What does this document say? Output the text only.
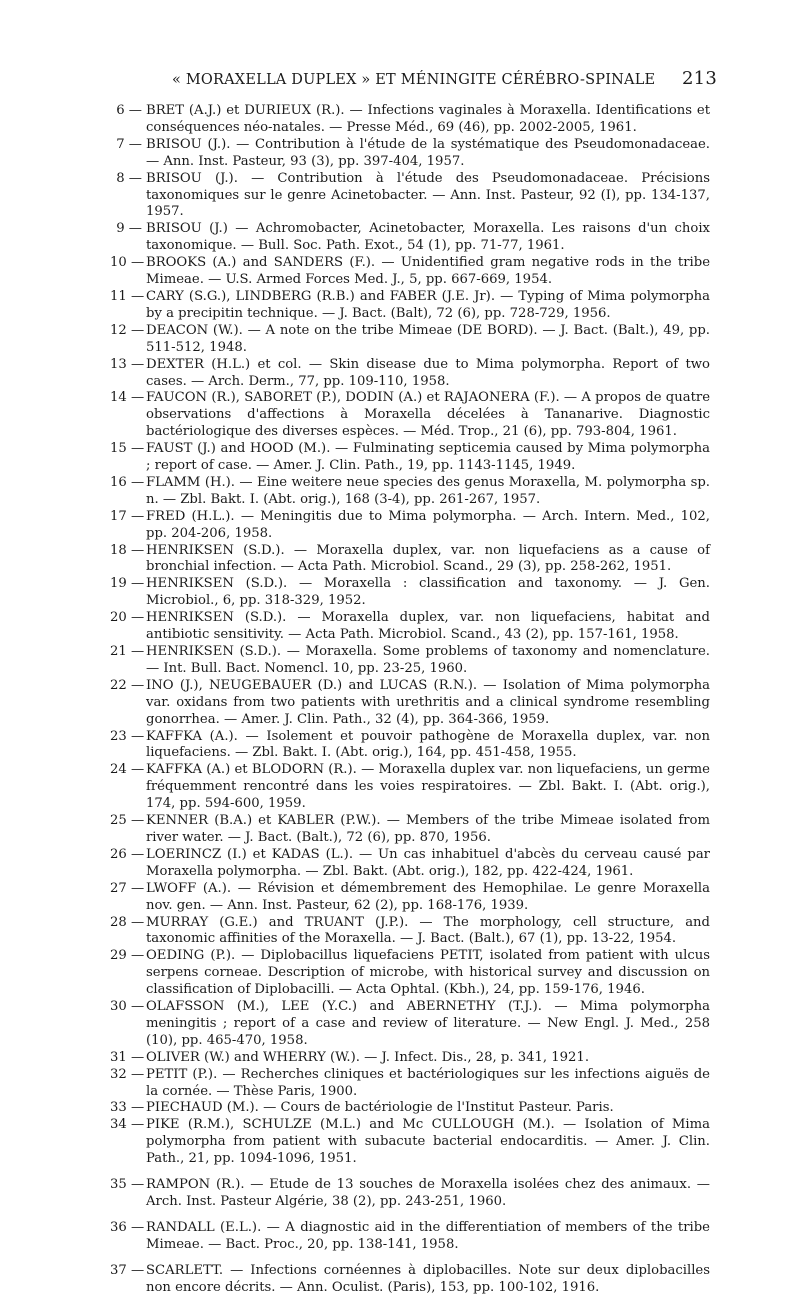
« MORAXELLA DUPLEX » ET MÉNINGITE CÉRÉBRO-SPINALE	213
6 — BRET (A.J.) et DURIEUX (R.). — Infections vaginales à Moraxella. Identifications et conséquences néo-natales. — Presse Méd., 69 (46), pp. 2002-2005, 1961.
7 — BRISOU (J.). — Contribution à l'étude de la systématique des Pseudomonadaceae. — Ann. Inst. Pasteur, 93 (3), pp. 397-404, 1957.
8 — BRISOU (J.). — Contribution à l'étude des Pseudomonadaceae. Précisions taxonomiques sur le genre Acinetobacter. — Ann. Inst. Pasteur, 92 (I), pp. 134-137, 1957.
9 — BRISOU (J.) — Achromobacter, Acinetobacter, Moraxella. Les raisons d'un choix taxonomique. — Bull. Soc. Path. Exot., 54 (1), pp. 71-77, 1961.
10 — BROOKS (A.) and SANDERS (F.). — Unidentified gram negative rods in the tribe Mimeae. — U.S. Armed Forces Med. J., 5, pp. 667-669, 1954.
11 — CARY (S.G.), LINDBERG (R.B.) and FABER (J.E. Jr). — Typing of Mima polymorpha by a precipitin technique. — J. Bact. (Balt), 72 (6), pp. 728-729, 1956.
12 — DEACON (W.). — A note on the tribe Mimeae (DE BORD). — J. Bact. (Balt.), 49, pp. 511-512, 1948.
13 — DEXTER (H.L.) et col. — Skin disease due to Mima polymorpha. Report of two cases. — Arch. Derm., 77, pp. 109-110, 1958.
14 — FAUCON (R.), SABORET (P.), DODIN (A.) et RAJAONERA (F.). — A propos de quatre observations d'affections à Moraxella décelées à Tananarive. Diagnostic bactériologique des diverses espèces. — Méd. Trop., 21 (6), pp. 793-804, 1961.
15 — FAUST (J.) and HOOD (M.). — Fulminating septicemia caused by Mima polymorpha ; report of case. — Amer. J. Clin. Path., 19, pp. 1143-1145, 1949.
16 — FLAMM (H.). — Eine weitere neue species des genus Moraxella, M. polymorpha sp. n. — Zbl. Bakt. I. (Abt. orig.), 168 (3-4), pp. 261-267, 1957.
17 — FRED (H.L.). — Meningitis due to Mima polymorpha. — Arch. Intern. Med., 102, pp. 204-206, 1958.
18 — HENRIKSEN (S.D.). — Moraxella duplex, var. non liquefaciens as a cause of bronchial infection. — Acta Path. Microbiol. Scand., 29 (3), pp. 258-262, 1951.
19 — HENRIKSEN (S.D.). — Moraxella : classification and taxonomy. — J. Gen. Microbiol., 6, pp. 318-329, 1952.
20 — HENRIKSEN (S.D.). — Moraxella duplex, var. non liquefaciens, habitat and antibiotic sensitivity. — Acta Path. Microbiol. Scand., 43 (2), pp. 157-161, 1958.
21 — HENRIKSEN (S.D.). — Moraxella. Some problems of taxonomy and nomenclature. — Int. Bull. Bact. Nomencl. 10, pp. 23-25, 1960.
22 — INO (J.), NEUGEBAUER (D.) and LUCAS (R.N.). — Isolation of Mima polymorpha var. oxidans from two patients with urethritis and a clinical syndrome resembling gonorrhea. — Amer. J. Clin. Path., 32 (4), pp. 364-366, 1959.
23 — KAFFKA (A.). — Isolement et pouvoir pathogène de Moraxella duplex, var. non liquefaciens. — Zbl. Bakt. I. (Abt. orig.), 164, pp. 451-458, 1955.
24 — KAFFKA (A.) et BLODORN (R.). — Moraxella duplex var. non liquefaciens, un germe fréquemment rencontré dans les voies respiratoires. — Zbl. Bakt. I. (Abt. orig.), 174, pp. 594-600, 1959.
25 — KENNER (B.A.) et KABLER (P.W.). — Members of the tribe Mimeae isolated from river water. — J. Bact. (Balt.), 72 (6), pp. 870, 1956.
26 — LOERINCZ (I.) et KADAS (L.). — Un cas inhabituel d'abcès du cerveau causé par Moraxella polymorpha. — Zbl. Bakt. (Abt. orig.), 182, pp. 422-424, 1961.
27 — LWOFF (A.). — Révision et démembrement des Hemophilae. Le genre Moraxella nov. gen. — Ann. Inst. Pasteur, 62 (2), pp. 168-176, 1939.
28 — MURRAY (G.E.) and TRUANT (J.P.). — The morphology, cell structure, and taxonomic affinities of the Moraxella. — J. Bact. (Balt.), 67 (1), pp. 13-22, 1954.
29 — OEDING (P.). — Diplobacillus liquefaciens PETIT, isolated from patient with ulcus serpens corneae. Description of microbe, with historical survey and discussion on classification of Diplobacilli. — Acta Ophtal. (Kbh.), 24, pp. 159-176, 1946.
30 — OLAFSSON (M.), LEE (Y.C.) and ABERNETHY (T.J.). — Mima polymorpha meningitis ; report of a case and review of literature. — New Engl. J. Med., 258 (10), pp. 465-470, 1958.
31 — OLIVER (W.) and WHERRY (W.). — J. Infect. Dis., 28, p. 341, 1921.
32 — PETIT (P.). — Recherches cliniques et bactériologiques sur les infections aiguës de la cornée. — Thèse Paris, 1900.
33 — PIECHAUD (M.). — Cours de bactériologie de l'Institut Pasteur. Paris.
34 — PIKE (R.M.), SCHULZE (M.L.) and Mc CULLOUGH (M.). — Isolation of Mima polymorpha from patient with subacute bacterial endocarditis. — Amer. J. Clin. Path., 21, pp. 1094-1096, 1951.
35 — RAMPON (R.). — Etude de 13 souches de Moraxella isolées chez des animaux. — Arch. Inst. Pasteur Algérie, 38 (2), pp. 243-251, 1960.
36 — RANDALL (E.L.). — A diagnostic aid in the differentiation of members of the tribe Mimeae. — Bact. Proc., 20, pp. 138-141, 1958.
37 — SCARLETT. — Infections cornéennes à diplobacilles. Note sur deux diplobacilles non encore décrits. — Ann. Oculist. (Paris), 153, pp. 100-102, 1916.
